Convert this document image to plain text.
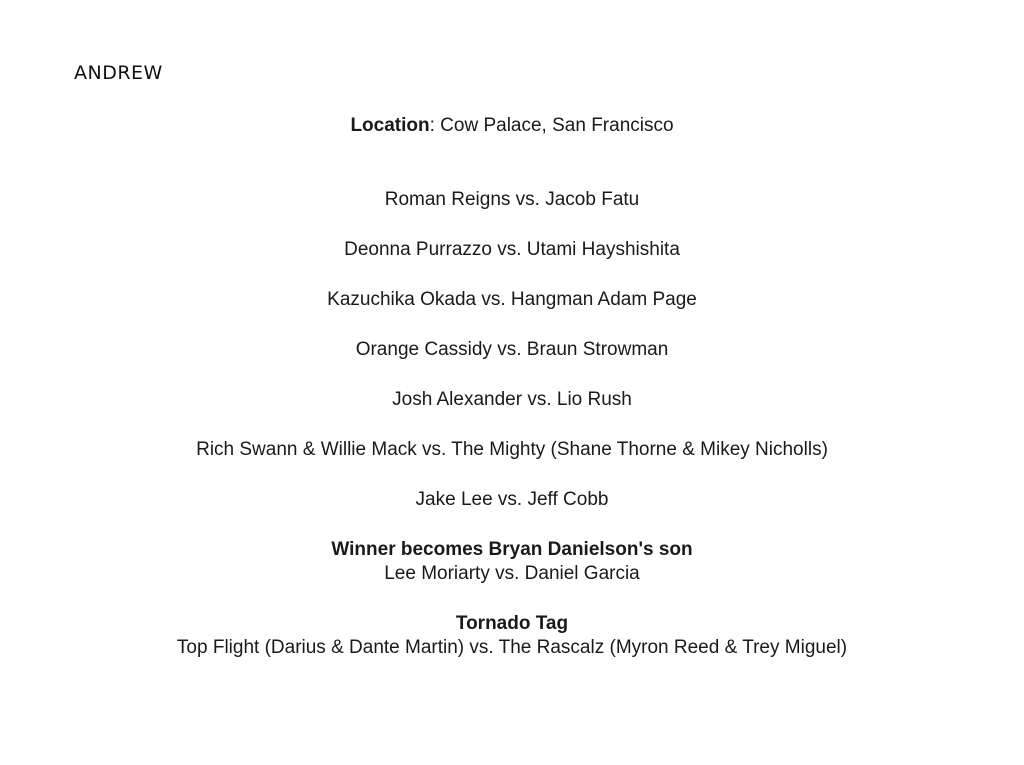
ANDREW

Location: Cow Palace, San Francisco

Roman Reigns vs. Jacob Fatu
Deonna Purrazzo vs. Utami Hayshishita
Kazuchika Okada vs. Hangman Adam Page
Orange Cassidy vs. Braun Strowman
Josh Alexander vs. Lio Rush
Rich Swann & Willie Mack vs. The Mighty (Shane Thorne & Mikey Nicholls)
Jake Lee vs. Jeff Cobb
Winner becomes Bryan Danielson's son
Lee Moriarty vs. Daniel Garcia
Tornado Tag
Top Flight (Darius & Dante Martin) vs. The Rascalz (Myron Reed & Trey Miguel)
